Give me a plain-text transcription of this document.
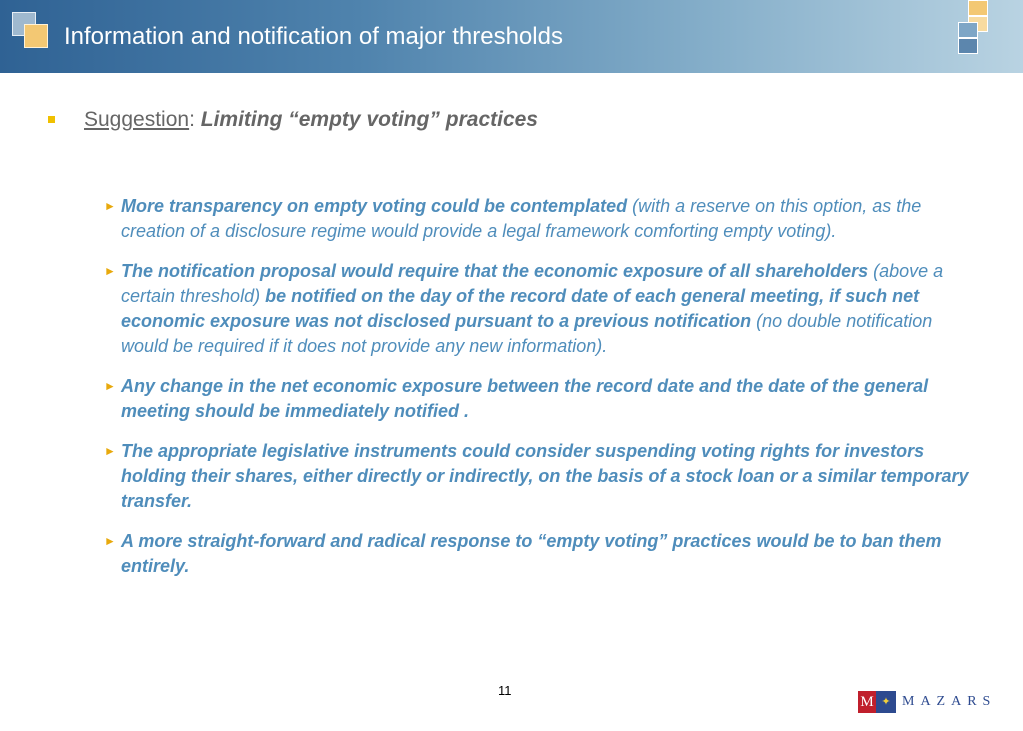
Information and notification of major thresholds
Suggestion: Limiting “empty voting” practices
► More transparency on empty voting could be contemplated (with a reserve on this option, as the creation of a disclosure regime would provide a legal framework comforting empty voting).
► The notification proposal would require that the economic exposure of all shareholders (above a certain threshold) be notified on the day of the record date of each general meeting, if such net economic exposure was not disclosed pursuant to a previous notification (no double notification would be required if it does not provide any new information).
► Any change in the net economic exposure between the record date and the date of the general meeting should be immediately notified .
► The appropriate legislative instruments could consider suspending voting rights for investors holding their shares, either directly or indirectly, on the basis of a stock loan or a similar temporary transfer.
► A more straight-forward and radical response to “empty voting” practices would be to ban them entirely.
11
M ✦ MAZARS
